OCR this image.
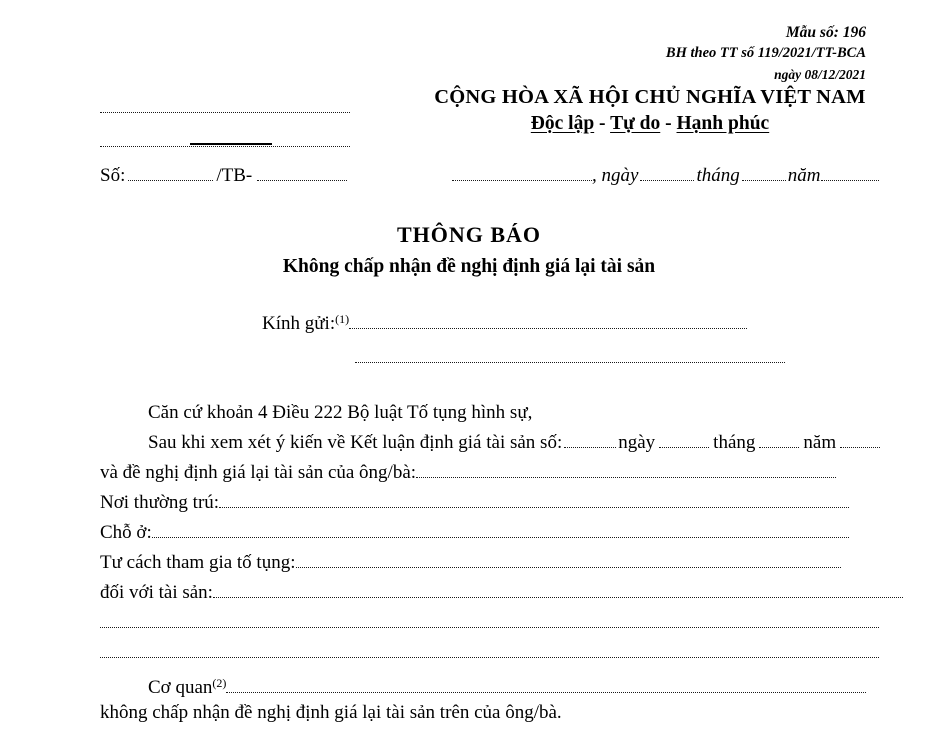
Mẫu số: 196
BH theo TT số 119/2021/TT-BCA
ngày 08/12/2021
CỘNG HÒA XÃ HỘI CHỦ NGHĨA VIỆT NAM
Độc lập - Tự do - Hạnh phúc
Số:	/TB-	, ngày	tháng	năm
THÔNG BÁO
Không chấp nhận đề nghị định giá lại tài sản
Kính gửi:$^{(1)}$
Căn cứ khoản 4 Điều 222 Bộ luật Tố tụng hình sự,
Sau khi xem xét ý kiến về Kết luận định giá tài sản số:	ngày	tháng	năm
và đề nghị định giá lại tài sản của ông/bà:
Nơi thường trú:
Chỗ ở:
Tư cách tham gia tố tụng:
đối với tài sản:
Cơ quan$^{(2)}$
không chấp nhận đề nghị định giá lại tài sản trên của ông/bà.
